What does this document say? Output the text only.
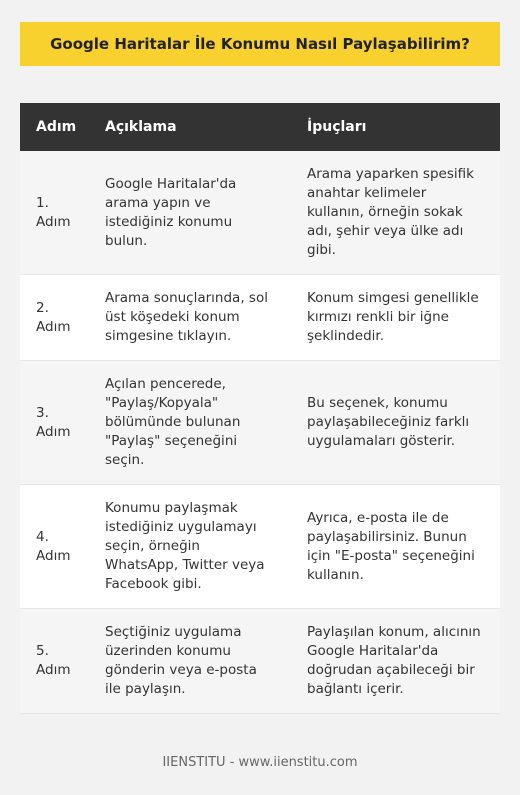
Google Haritalar İle Konumu Nasıl Paylaşabilirim?
Adım	Açıklama	İpuçları
1. Adım	Google Haritalar'da arama yapın ve istediğiniz konumu bulun.	Arama yaparken spesifik anahtar kelimeler kullanın, örneğin sokak adı, şehir veya ülke adı gibi.
2. Adım	Arama sonuçlarında, sol üst köşedeki konum simgesine tıklayın.	Konum simgesi genellikle kırmızı renkli bir iğne şeklindedir.
3. Adım	Açılan pencerede, "Paylaş/Kopyala" bölümünde bulunan "Paylaş" seçeneğini seçin.	Bu seçenek, konumu paylaşabileceğiniz farklı uygulamaları gösterir.
4. Adım	Konumu paylaşmak istediğiniz uygulamayı seçin, örneğin WhatsApp, Twitter veya Facebook gibi.	Ayrıca, e-posta ile de paylaşabilirsiniz. Bunun için "E-posta" seçeneğini kullanın.
5. Adım	Seçtiğiniz uygulama üzerinden konumu gönderin veya e-posta ile paylaşın.	Paylaşılan konum, alıcının Google Haritalar'da doğrudan açabileceği bir bağlantı içerir.
IIENSTITU - www.iienstitu.com
